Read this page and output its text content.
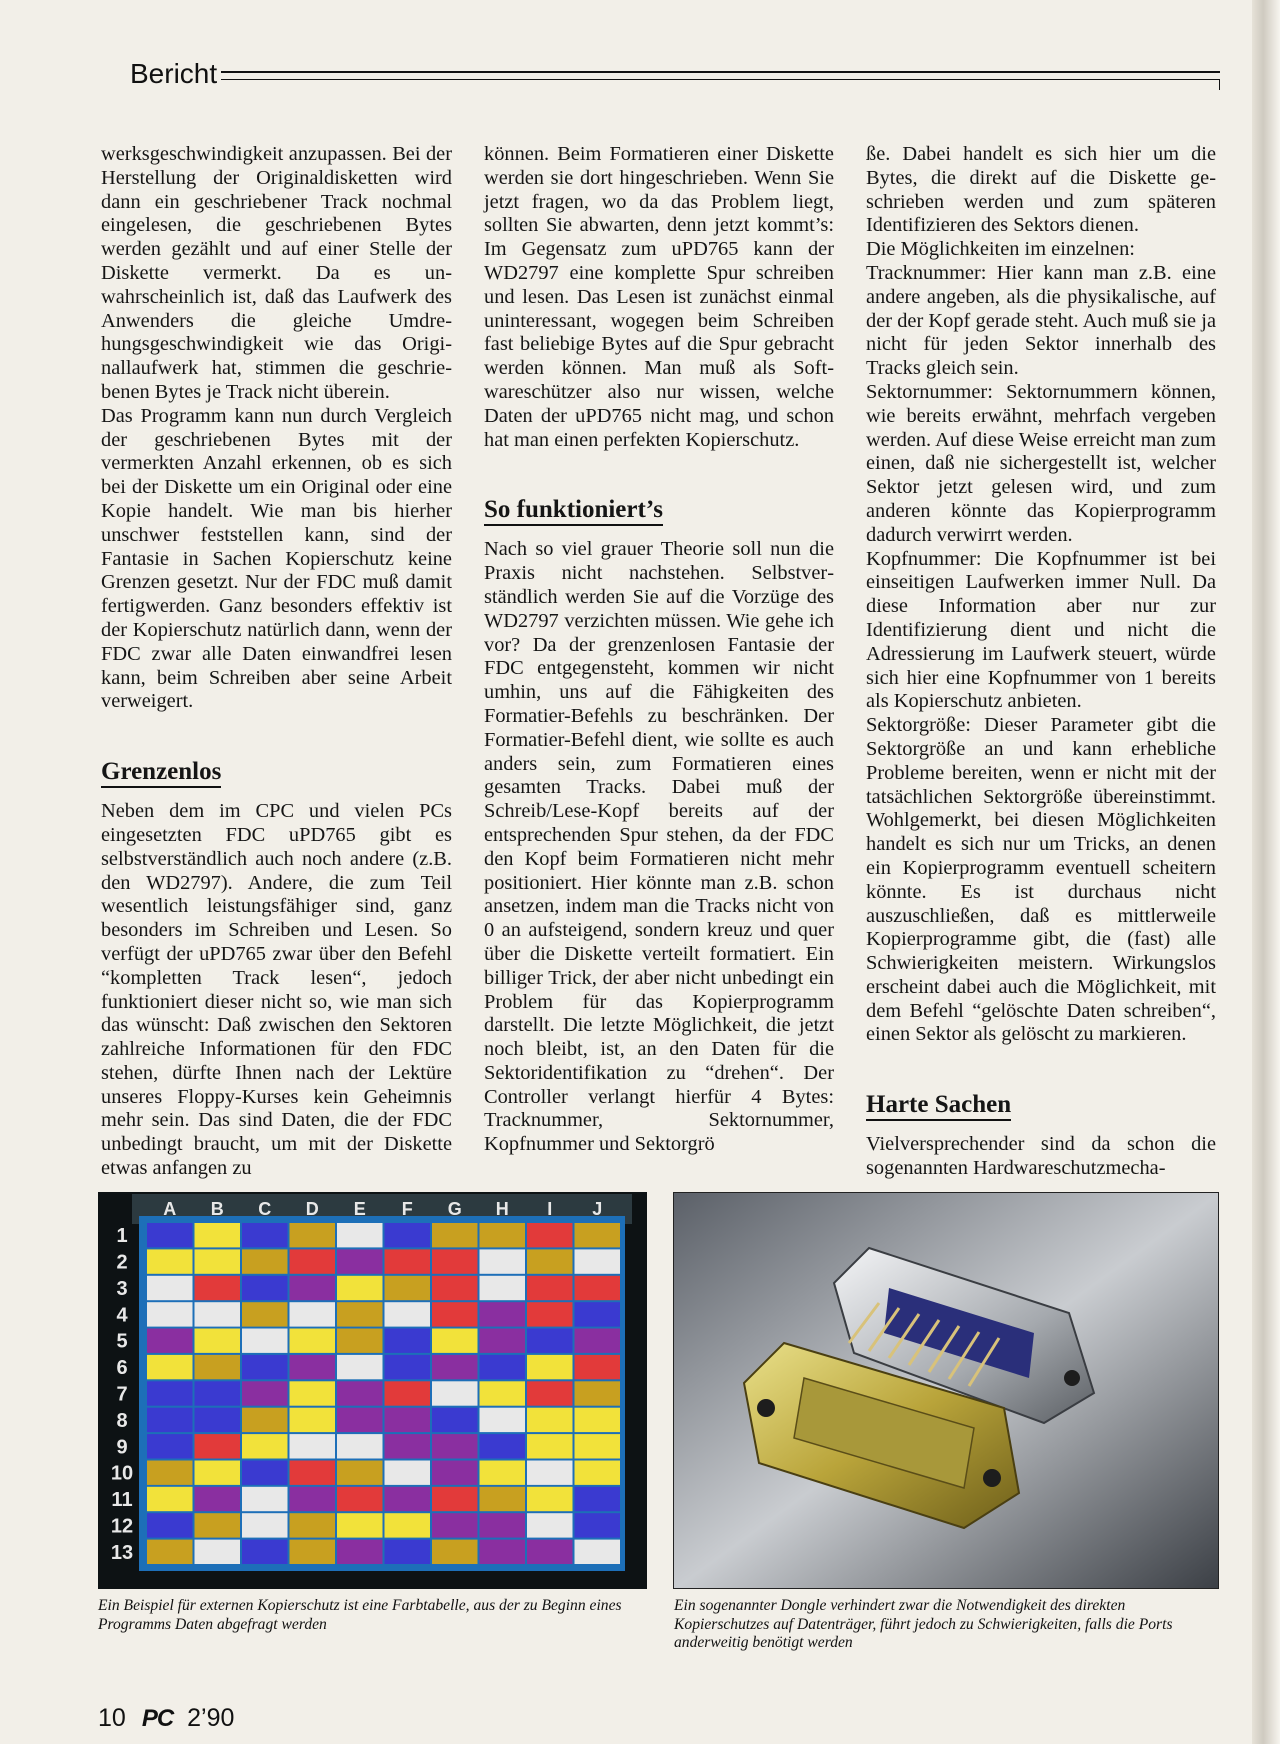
Bericht

werksgeschwindigkeit anzupassen. Bei der Herstellung der Originaldisketten wird dann ein geschriebener Track nochmal eingelesen, die geschriebenen Bytes werden gezählt und auf einer Stelle der Diskette vermerkt. Da es unwahrscheinlich ist, daß das Laufwerk des Anwenders die gleiche Umdrehungsgeschwindigkeit wie das Originallaufwerk hat, stimmen die geschriebenen Bytes je Track nicht überein.

Das Programm kann nun durch Vergleich der geschriebenen Bytes mit der vermerkten Anzahl erkennen, ob es sich bei der Diskette um ein Original oder eine Kopie handelt. Wie man bis hierher unschwer feststellen kann, sind der Fantasie in Sachen Kopierschutz keine Grenzen gesetzt. Nur der FDC muß damit fertigwerden. Ganz besonders effektiv ist der Kopierschutz natürlich dann, wenn der FDC zwar alle Daten einwandfrei lesen kann, beim Schreiben aber seine Arbeit verweigert.

Grenzenlos

Neben dem im CPC und vielen PCs eingesetzten FDC uPD765 gibt es selbstverständlich auch noch andere (z.B. den WD2797). Andere, die zum Teil wesentlich leistungsfähiger sind, ganz besonders im Schreiben und Lesen. So verfügt der uPD765 zwar über den Befehl “kompletten Track lesen“, jedoch funktioniert dieser nicht so, wie man sich das wünscht: Daß zwischen den Sektoren zahlreiche Informationen für den FDC stehen, dürfte Ihnen nach der Lektüre unseres Floppy-Kurses kein Geheimnis mehr sein. Das sind Daten, die der FDC unbedingt braucht, um mit der Diskette etwas anfangen zu

können. Beim Formatieren einer Diskette werden sie dort hingeschrieben. Wenn Sie jetzt fragen, wo da das Problem liegt, sollten Sie abwarten, denn jetzt kommt’s: Im Gegensatz zum uPD765 kann der WD2797 eine komplette Spur schreiben und lesen. Das Lesen ist zunächst einmal uninteressant, wogegen beim Schreiben fast beliebige Bytes auf die Spur gebracht werden können. Man muß als Softwareschützer also nur wissen, welche Daten der uPD765 nicht mag, und schon hat man einen perfekten Kopierschutz.

So funktioniert’s

Nach so viel grauer Theorie soll nun die Praxis nicht nachstehen. Selbstverständlich werden Sie auf die Vorzüge des WD2797 verzichten müssen. Wie gehe ich vor? Da der grenzenlosen Fantasie der FDC entgegensteht, kommen wir nicht umhin, uns auf die Fähigkeiten des Formatier-Befehls zu beschränken. Der Formatier-Befehl dient, wie sollte es auch anders sein, zum Formatieren eines gesamten Tracks. Dabei muß der Schreib/Lese-Kopf bereits auf der entsprechenden Spur stehen, da der FDC den Kopf beim Formatieren nicht mehr positioniert. Hier könnte man z.B. schon ansetzen, indem man die Tracks nicht von 0 an aufsteigend, sondern kreuz und quer über die Diskette verteilt formatiert. Ein billiger Trick, der aber nicht unbedingt ein Problem für das Kopierprogramm darstellt. Die letzte Möglichkeit, die jetzt noch bleibt, ist, an den Daten für die Sektoridentifikation zu “drehen“. Der Controller verlangt hierfür 4 Bytes: Tracknummer, Sektornummer, Kopfnummer und Sektorgrö

ße. Dabei handelt es sich hier um die Bytes, die direkt auf die Diskette geschrieben werden und zum späteren Identifizieren des Sektors dienen.

Die Möglichkeiten im einzelnen:

Tracknummer: Hier kann man z.B. eine andere angeben, als die physikalische, auf der der Kopf gerade steht. Auch muß sie ja nicht für jeden Sektor innerhalb des Tracks gleich sein.

Sektornummer: Sektornummern können, wie bereits erwähnt, mehrfach vergeben werden. Auf diese Weise erreicht man zum einen, daß nie sichergestellt ist, welcher Sektor jetzt gelesen wird, und zum anderen könnte das Kopierprogramm dadurch verwirrt werden.

Kopfnummer: Die Kopfnummer ist bei einseitigen Laufwerken immer Null. Da diese Information aber nur zur Identifizierung dient und nicht die Adressierung im Laufwerk steuert, würde sich hier eine Kopfnummer von 1 bereits als Kopierschutz anbieten.

Sektorgröße: Dieser Parameter gibt die Sektorgröße an und kann erhebliche Probleme bereiten, wenn er nicht mit der tatsächlichen Sektorgröße übereinstimmt. Wohlgemerkt, bei diesen Möglichkeiten handelt es sich nur um Tricks, an denen ein Kopierprogramm eventuell scheitern könnte. Es ist durchaus nicht auszuschließen, daß es mittlerweile Kopierprogramme gibt, die (fast) alle Schwierigkeiten meistern. Wirkungslos erscheint dabei auch die Möglichkeit, mit dem Befehl “gelöschte Daten schreiben“, einen Sektor als gelöscht zu markieren.

Harte Sachen

Vielversprechender sind da schon die sogenannten Hardwareschutzmecha-

A B C D E F G H I J
1
2
3
4
5
6
7
8
9
10
11
12
13
Ein Beispiel für externen Kopierschutz ist eine Farbtabelle, aus der zu Beginn eines Programms Daten abgefragt werden
Ein sogenannter Dongle verhindert zwar die Notwendigkeit des direkten Kopierschutzes auf Datenträger, führt jedoch zu Schwierigkeiten, falls die Ports anderweitig benötigt werden
10 PC 2’90
